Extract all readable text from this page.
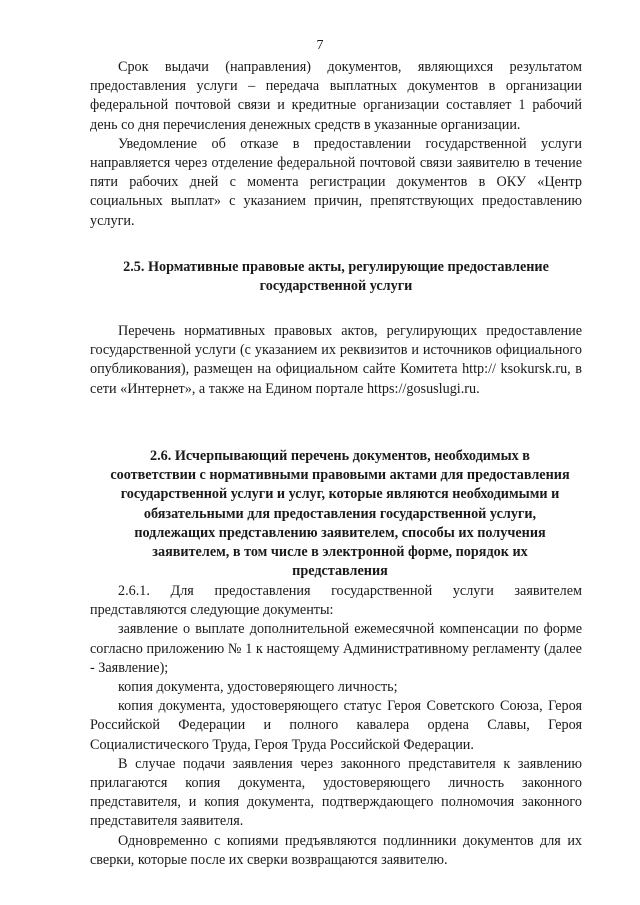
7

Срок выдачи (направления) документов, являющихся результатом предоставления услуги – передача выплатных документов в организации федеральной почтовой связи и кредитные организации составляет 1 рабочий день со дня перечисления денежных средств в указанные организации.

Уведомление об отказе в предоставлении государственной услуги направляется через отделение федеральной почтовой связи заявителю в течение пяти рабочих дней с момента регистрации документов в ОКУ «Центр социальных выплат» с указанием причин, препятствующих предоставлению услуги.

2.5. Нормативные правовые акты, регулирующие предоставление государственной услуги

Перечень нормативных правовых актов, регулирующих предоставление государственной услуги (с указанием их реквизитов и источников официального опубликования), размещен на официальном сайте Комитета http:// ksokursk.ru, в сети «Интернет», а также на Едином портале https://gosuslugi.ru.

2.6. Исчерпывающий перечень документов, необходимых в соответствии с нормативными правовыми актами для предоставления государственной услуги и услуг, которые являются необходимыми и обязательными для предоставления государственной услуги, подлежащих представлению заявителем, способы их получения заявителем, в том числе в электронной форме, порядок их представления

2.6.1. Для предоставления государственной услуги заявителем представляются следующие документы:

заявление о выплате дополнительной ежемесячной компенсации по форме согласно приложению № 1 к настоящему Административному регламенту (далее - Заявление);

копия документа, удостоверяющего личность;

копия документа, удостоверяющего статус Героя Советского Союза, Героя Российской Федерации и полного кавалера ордена Славы, Героя Социалистического Труда, Героя Труда Российской Федерации.

В случае подачи заявления через законного представителя к заявлению прилагаются копия документа, удостоверяющего личность законного представителя, и копия документа, подтверждающего полномочия законного представителя заявителя.

Одновременно с копиями предъявляются подлинники документов для их сверки, которые после их сверки возвращаются заявителю.
